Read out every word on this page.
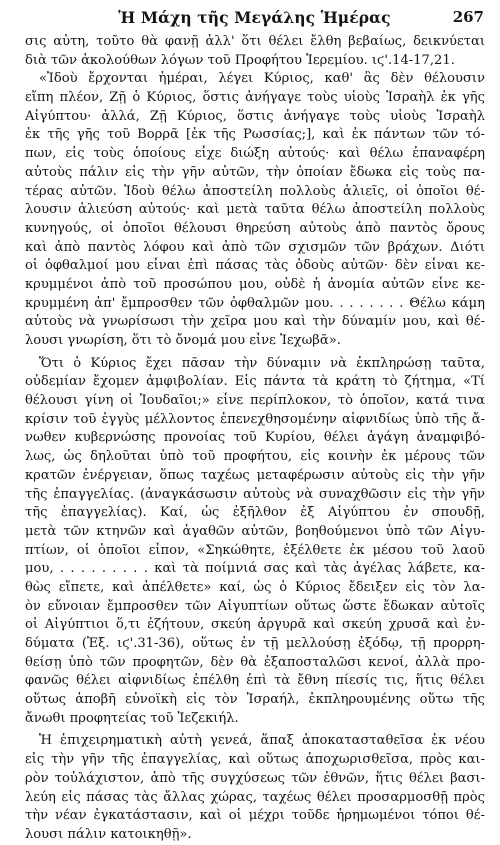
Ἡ Μάχη τῆς Μεγάλης Ἡμέρας	267
σις αὐτη, τοῦτο θὰ φανῇ ἀλλ' ὅτι θέλει ἔλθη βεβαίως, δεικνύεται
διὰ τῶν ἀκολούθων λόγων τοῦ Προφήτου Ἱερεμίου. ιϛ'.14-17,21.
«Ἰδοὺ ἔρχονται ἡμέραι, λέγει Κύριος, καθ' ἃς δὲν θέλουσιν
εἴπη πλέον, Ζῇ ὁ Κύριος, ὅστις ἀνήγαγε τοὺς υἱοὺς Ἰσραὴλ ἐκ γῆς
Αἰγύπτου· ἀλλά, Ζῇ Κύριος, ὅστις ἀνήγαγε τοὺς υἱοὺς Ἰσραὴλ
ἐκ τῆς γῆς τοῦ Βορρᾶ [ἐκ τῆς Ρωσσίας;], καὶ ἐκ πάντων τῶν τό-
πων, εἰς τοὺς ὁποίους εἶχε διώξη αὐτούς· καὶ θέλω ἐπαναφέρη
αὐτοὺς πάλιν εἰς τὴν γῆν αὐτῶν, τὴν ὁποίαν ἔδωκα εἰς τοὺς πα-
τέρας αὐτῶν. Ἰδοὺ θέλω ἀποστείλη πολλοὺς ἁλιεῖς, οἱ ὁποῖοι θέ-
λουσιν ἁλιεύση αὐτούς· καὶ μετὰ ταῦτα θέλω ἀποστείλη πολλοὺς
κυνηγούς, οἱ ὁποῖοι θέλουσι θηρεύση αὐτοὺς ἀπὸ παντὸς ὄρους
καὶ ἀπὸ παντὸς λόφου καὶ ἀπὸ τῶν σχισμῶν τῶν βράχων. Διότι
οἱ ὀφθαλμοί μου εἶναι ἐπὶ πάσας τὰς ὁδοὺς αὐτῶν· δὲν εἶναι κε-
κρυμμένοι ἀπὸ τοῦ προσώπου μου, οὐδὲ ἡ ἀνομία αὐτῶν εἶνε κε-
κρυμμένη ἀπ' ἔμπροσθεν τῶν ὀφθαλμῶν μου. . . . . . . . Θέλω κάμη
αὐτοὺς νὰ γνωρίσωσι τὴν χεῖρα μου καὶ τὴν δύναμίν μου, καὶ θέ-
λουσι γνωρίση, ὅτι τὸ ὄνομά μου εἶνε Ἰεχωβᾶ».
Ὅτι ὁ Κύριος ἔχει πᾶσαν τὴν δύναμιν νὰ ἐκπληρώσῃ ταῦτα,
οὐδεμίαν ἔχομεν ἀμφιβολίαν. Εἰς πάντα τὰ κράτη τὸ ζήτημα, «Τί
θέλουσι γίνη οἱ Ἰουδαῖοι;» εἶνε περίπλοκον, τὸ ὁποῖον, κατά τινα
κρίσιν τοῦ ἐγγὺς μέλλοντος ἐπενεχθησομένην αἰφνιδίως ὑπὸ τῆς ἄ-
νωθεν κυβερνώσης προνοίας τοῦ Κυρίου, θέλει ἀγάγη ἀναμφιβό-
λως, ὡς δηλοῦται ὑπὸ τοῦ προφήτου, εἰς κοινὴν ἐκ μέρους τῶν
κρατῶν ἐνέργειαν, ὅπως ταχέως μεταφέρωσιν αὐτοὺς εἰς τὴν γῆν
τῆς ἐπαγγελίας. (ἀναγκάσωσιν αὐτοὺς νὰ συναχθῶσιν εἰς τὴν γῆν
τῆς ἐπαγγελίας). Καί, ὡς ἐξῆλθον ἐξ Αἰγύπτου ἐν σπουδῇ,
μετὰ τῶν κτηνῶν καὶ ἀγαθῶν αὐτῶν, βοηθούμενοι ὑπὸ τῶν Αἰγυ-
πτίων, οἱ ὁποῖοι εἶπον, «Σηκώθητε, ἐξέλθετε ἐκ μέσου τοῦ λαοῦ
μου, . . . . . . . . . καὶ τὰ ποίμνιά σας καὶ τὰς ἀγέλας λάβετε, κα-
θὼς εἴπετε, καὶ ἀπέλθετε» καί, ὡς ὁ Κύριος ἔδειξεν εἰς τὸν λα-
ὸν εὔνοιαν ἔμπροσθεν τῶν Αἰγυπτίων οὕτως ὥστε ἔδωκαν αὐτοῖς
οἱ Αἰγύπτιοι ὅ,τι ἐζήτουν, σκεύη ἀργυρᾶ καὶ σκεύη χρυσᾶ καὶ ἐν-
δύματα (Ἐξ. ιϛ'.31-36), οὕτως ἐν τῇ μελλούσῃ ἐξόδῳ, τῇ προρρη-
θείσῃ ὑπὸ τῶν προφητῶν, δὲν θὰ ἐξαποσταλῶσι κενοί, ἀλλὰ προ-
φανῶς θέλει αἰφνιδίως ἐπέλθη ἐπὶ τὰ ἔθνη πίεσίς τις, ἥτις θέλει
οὕτως ἀποβῆ εὐνοϊκὴ εἰς τὸν Ἰσραήλ, ἐκπληρουμένης οὕτω τῆς
ἄνωθι προφητείας τοῦ Ἰεζεκιήλ.
Ἡ ἐπιχειρηματικὴ αὐτὴ γενεά, ἅπαξ ἀποκατασταθεῖσα ἐκ νέου
εἰς τὴν γῆν τῆς ἐπαγγελίας, καὶ οὕτως ἀποχωρισθεῖσα, πρὸς και-
ρὸν τοὐλάχιστον, ἀπὸ τῆς συγχύσεως τῶν ἐθνῶν, ἥτις θέλει βασι-
λεύη εἰς πάσας τὰς ἄλλας χώρας, ταχέως θέλει προσαρμοσθῇ πρὸς
τὴν νέαν ἐγκατάστασιν, καὶ οἱ μέχρι τοῦδε ἠρημωμένοι τόποι θέ-
λουσι πάλιν κατοικηθῇ».
